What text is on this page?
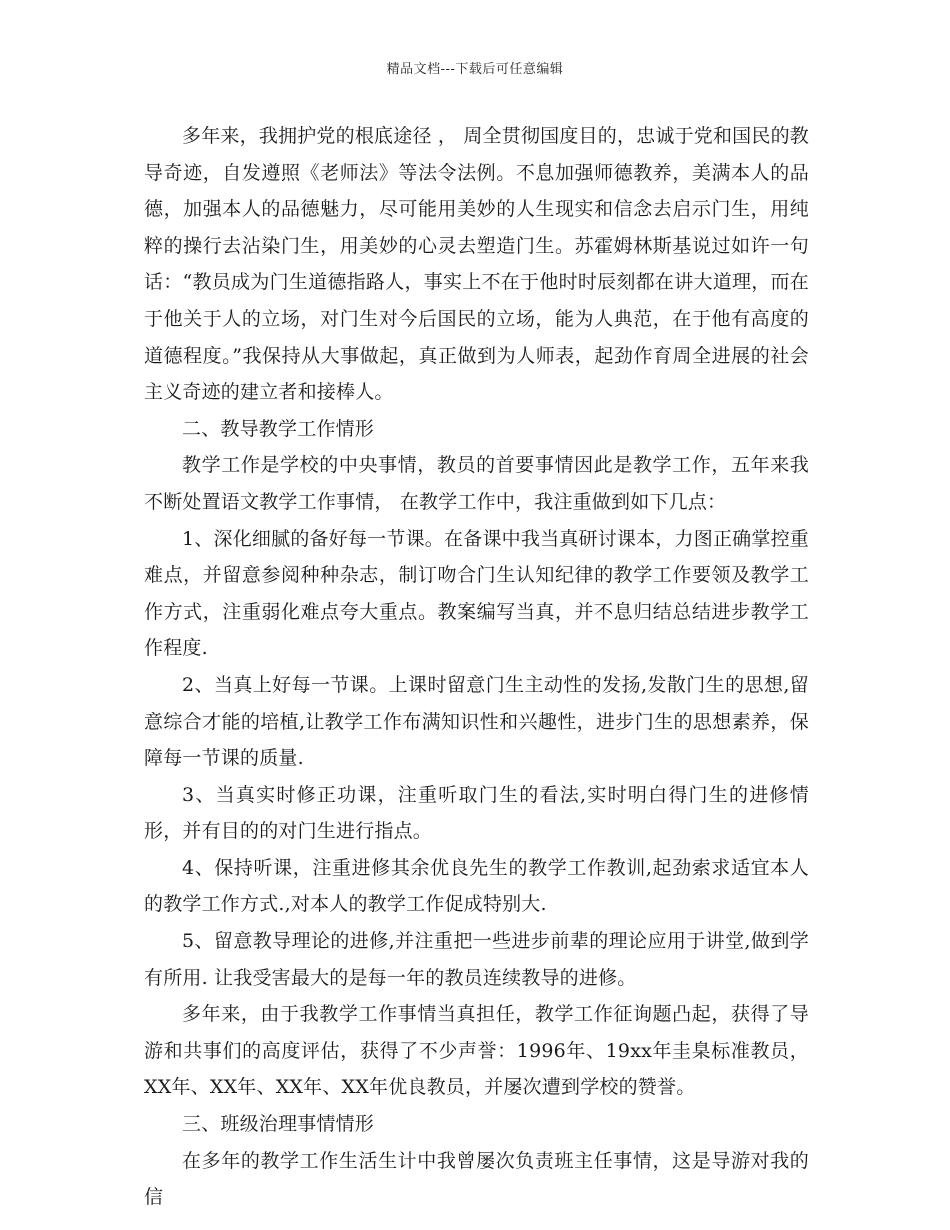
精品文档---下载后可任意编辑

多年来，我拥护党的根底途径 ， 周全贯彻国度目的，忠诚于党和国民的教导奇迹，自发遵照《老师法》等法令法例。不息加强师德教养，美满本人的品德，加强本人的品德魅力，尽可能用美妙的人生现实和信念去启示门生，用纯粹的操行去沾染门生，用美妙的心灵去塑造门生。苏霍姆林斯基说过如许一句话：“教员成为门生道德指路人，事实上不在于他时时辰刻都在讲大道理，而在于他关于人的立场，对门生对今后国民的立场，能为人典范，在于他有高度的道德程度。”我保持从大事做起，真正做到为人师表，起劲作育周全进展的社会主义奇迹的建立者和接棒人。

二、教导教学工作情形

教学工作是学校的中央事情，教员的首要事情因此是教学工作，五年来我不断处置语文教学工作事情， 在教学工作中，我注重做到如下几点：

1、深化细腻的备好每一节课。在备课中我当真研讨课本，力图正确掌控重难点，并留意参阅种种杂志，制订吻合门生认知纪律的教学工作要领及教学工作方式，注重弱化难点夸大重点。教案编写当真，并不息归结总结进步教学工作程度.

2、当真上好每一节课。上课时留意门生主动性的发扬,发散门生的思想,留意综合才能的培植,让教学工作布满知识性和兴趣性，进步门生的思想素养，保障每一节课的质量.

3、当真实时修正功课，注重听取门生的看法,实时明白得门生的进修情形，并有目的的对门生进行指点。

4、保持听课，注重进修其余优良先生的教学工作教训,起劲索求适宜本人的教学工作方式.,对本人的教学工作促成特别大.

5、留意教导理论的进修,并注重把一些进步前辈的理论应用于讲堂,做到学有所用. 让我受害最大的是每一年的教员连续教导的进修。

多年来，由于我教学工作事情当真担任，教学工作征询题凸起，获得了导游和共事们的高度评估，获得了不少声誉：1996年、19xx年圭臬标准教员，XX年、XX年、XX年、XX年优良教员，并屡次遭到学校的赞誉。

三、班级治理事情情形

在多年的教学工作生活生计中我曾屡次负责班主任事情，这是导游对我的信
